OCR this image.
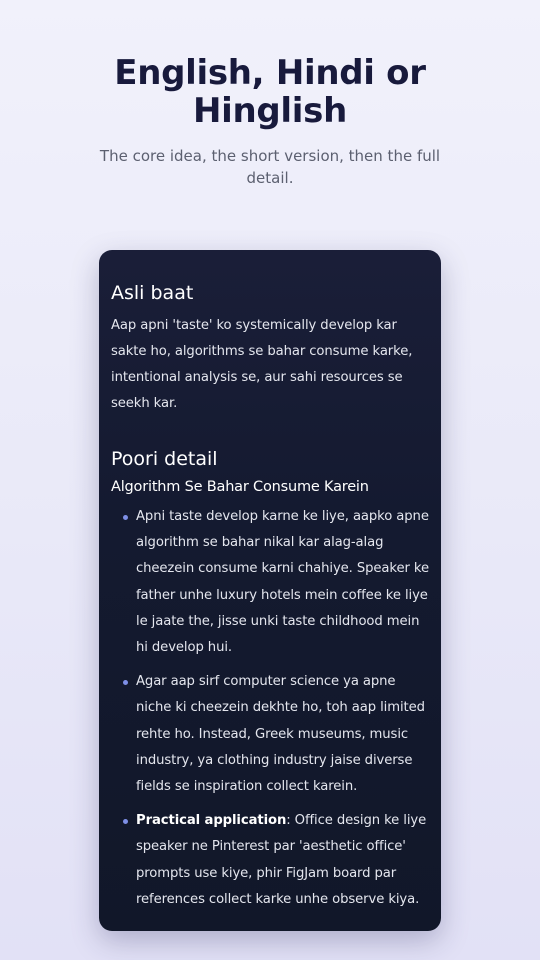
English, Hindi or Hinglish

The core idea, the short version, then the full detail.

Asli baat

Aap apni 'taste' ko systemically develop kar sakte ho, algorithms se bahar consume karke, intentional analysis se, aur sahi resources se seekh kar.

Poori detail
Algorithm Se Bahar Consume Karein
Apni taste develop karne ke liye, aapko apne algorithm se bahar nikal kar alag-alag cheezein consume karni chahiye. Speaker ke father unhe luxury hotels mein coffee ke liye le jaate the, jisse unki taste childhood mein hi develop hui.
Agar aap sirf computer science ya apne niche ki cheezein dekhte ho, toh aap limited rehte ho. Instead, Greek museums, music industry, ya clothing industry jaise diverse fields se inspiration collect karein.
Practical application: Office design ke liye speaker ne Pinterest par 'aesthetic office' prompts use kiye, phir FigJam board par references collect karke unhe observe kiya.
